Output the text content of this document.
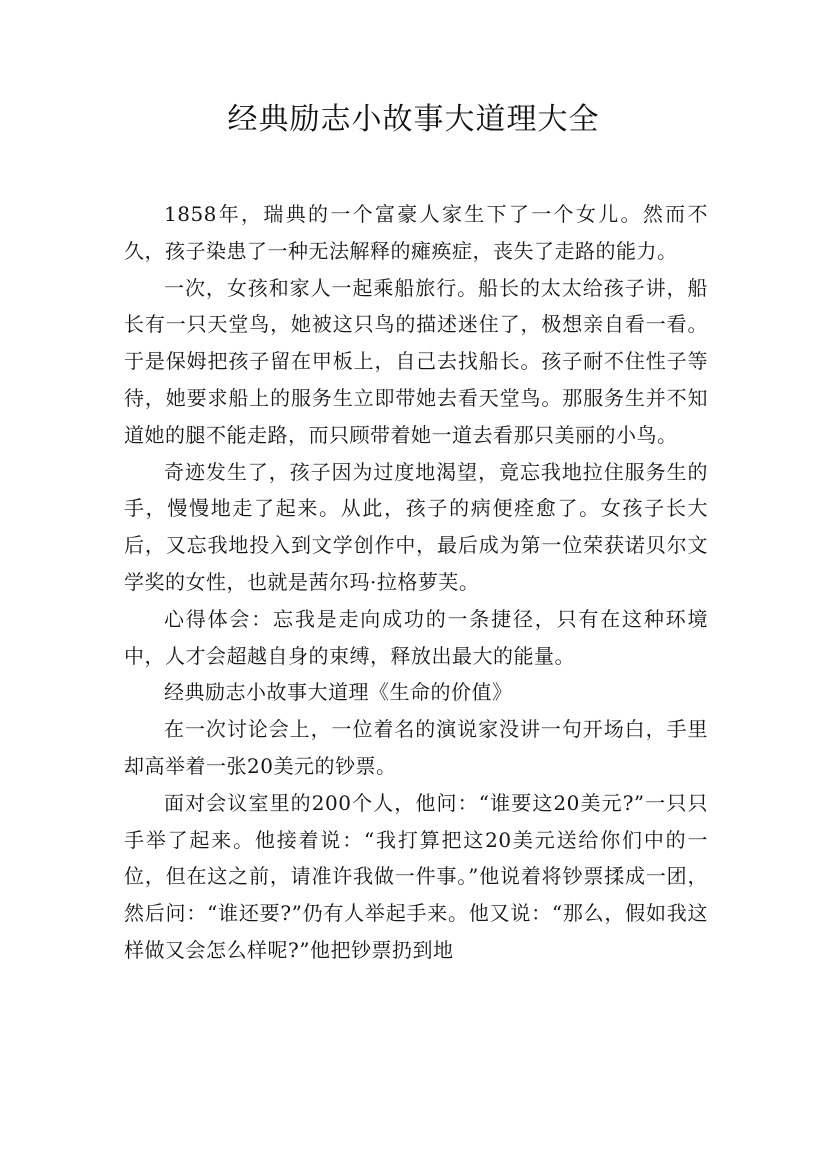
经典励志小故事大道理大全

1858年，瑞典的一个富豪人家生下了一个女儿。然而不久，孩子染患了一种无法解释的瘫痪症，丧失了走路的能力。

一次，女孩和家人一起乘船旅行。船长的太太给孩子讲，船长有一只天堂鸟，她被这只鸟的描述迷住了，极想亲自看一看。于是保姆把孩子留在甲板上，自己去找船长。孩子耐不住性子等待，她要求船上的服务生立即带她去看天堂鸟。那服务生并不知道她的腿不能走路，而只顾带着她一道去看那只美丽的小鸟。

奇迹发生了，孩子因为过度地渴望，竟忘我地拉住服务生的手，慢慢地走了起来。从此，孩子的病便痊愈了。女孩子长大后，又忘我地投入到文学创作中，最后成为第一位荣获诺贝尔文学奖的女性，也就是茜尔玛·拉格萝芙。

心得体会：忘我是走向成功的一条捷径，只有在这种环境中，人才会超越自身的束缚，释放出最大的能量。

经典励志小故事大道理《生命的价值》

在一次讨论会上，一位着名的演说家没讲一句开场白，手里却高举着一张20美元的钞票。

面对会议室里的200个人，他问：“谁要这20美元?”一只只手举了起来。他接着说：“我打算把这20美元送给你们中的一位，但在这之前，请准许我做一件事。”他说着将钞票揉成一团，然后问：“谁还要?”仍有人举起手来。他又说：“那么，假如我这样做又会怎么样呢?”他把钞票扔到地
